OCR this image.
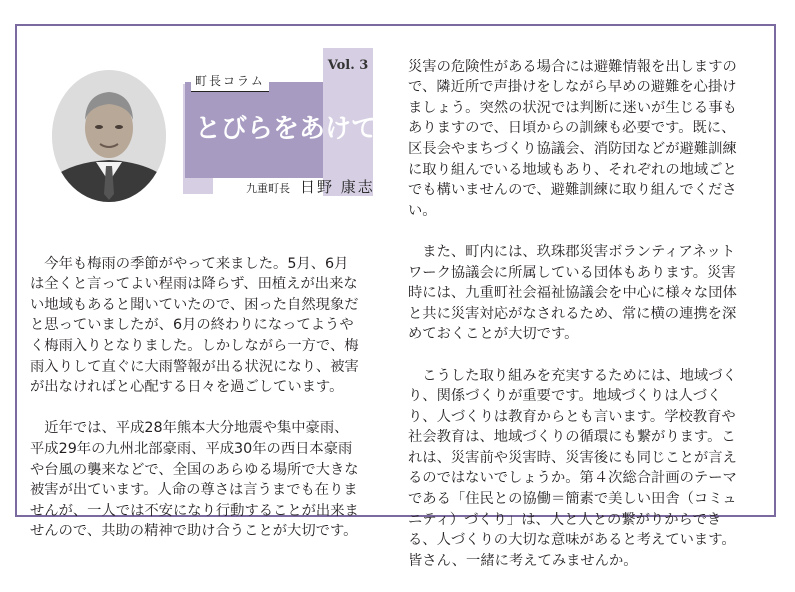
町長コラム
Vol. 3
とびらをあけて
九重町長 日野 康志

　今年も梅雨の季節がやって来ました。5月、6月
は全くと言ってよい程雨は降らず、田植えが出来な
い地域もあると聞いていたので、困った自然現象だ
と思っていましたが、6月の終わりになってようや
く梅雨入りとなりました。しかしながら一方で、梅
雨入りして直ぐに大雨警報が出る状況になり、被害
が出なければと心配する日々を過ごしています。

　近年では、平成28年熊本大分地震や集中豪雨、
平成29年の九州北部豪雨、平成30年の西日本豪雨
や台風の襲来などで、全国のあらゆる場所で大きな
被害が出ています。人命の尊さは言うまでも在りま
せんが、一人では不安になり行動することが出来ま
せんので、共助の精神で助け合うことが大切です。

災害の危険性がある場合には避難情報を出しますの
で、隣近所で声掛けをしながら早めの避難を心掛け
ましょう。突然の状況では判断に迷いが生じる事も
ありますので、日頃からの訓練も必要です。既に、
区長会やまちづくり協議会、消防団などが避難訓練
に取り組んでいる地域もあり、それぞれの地域ごと
でも構いませんので、避難訓練に取り組んでください。

　また、町内には、玖珠郡災害ボランティアネット
ワーク協議会に所属している団体もあります。災害
時には、九重町社会福祉協議会を中心に様々な団体
と共に災害対応がなされるため、常に横の連携を深
めておくことが大切です。

　こうした取り組みを充実するためには、地域づく
り、関係づくりが重要です。地域づくりは人づく
り、人づくりは教育からとも言います。学校教育や
社会教育は、地域づくりの循環にも繋がります。こ
れは、災害前や災害時、災害後にも同じことが言え
るのではないでしょうか。第４次総合計画のテーマ
である「住民との協働＝簡素で美しい田舎（コミュ
ニティ）づくり」は、人と人との繋がりからでき
る、人づくりの大切な意味があると考えています。
皆さん、一緒に考えてみませんか。
